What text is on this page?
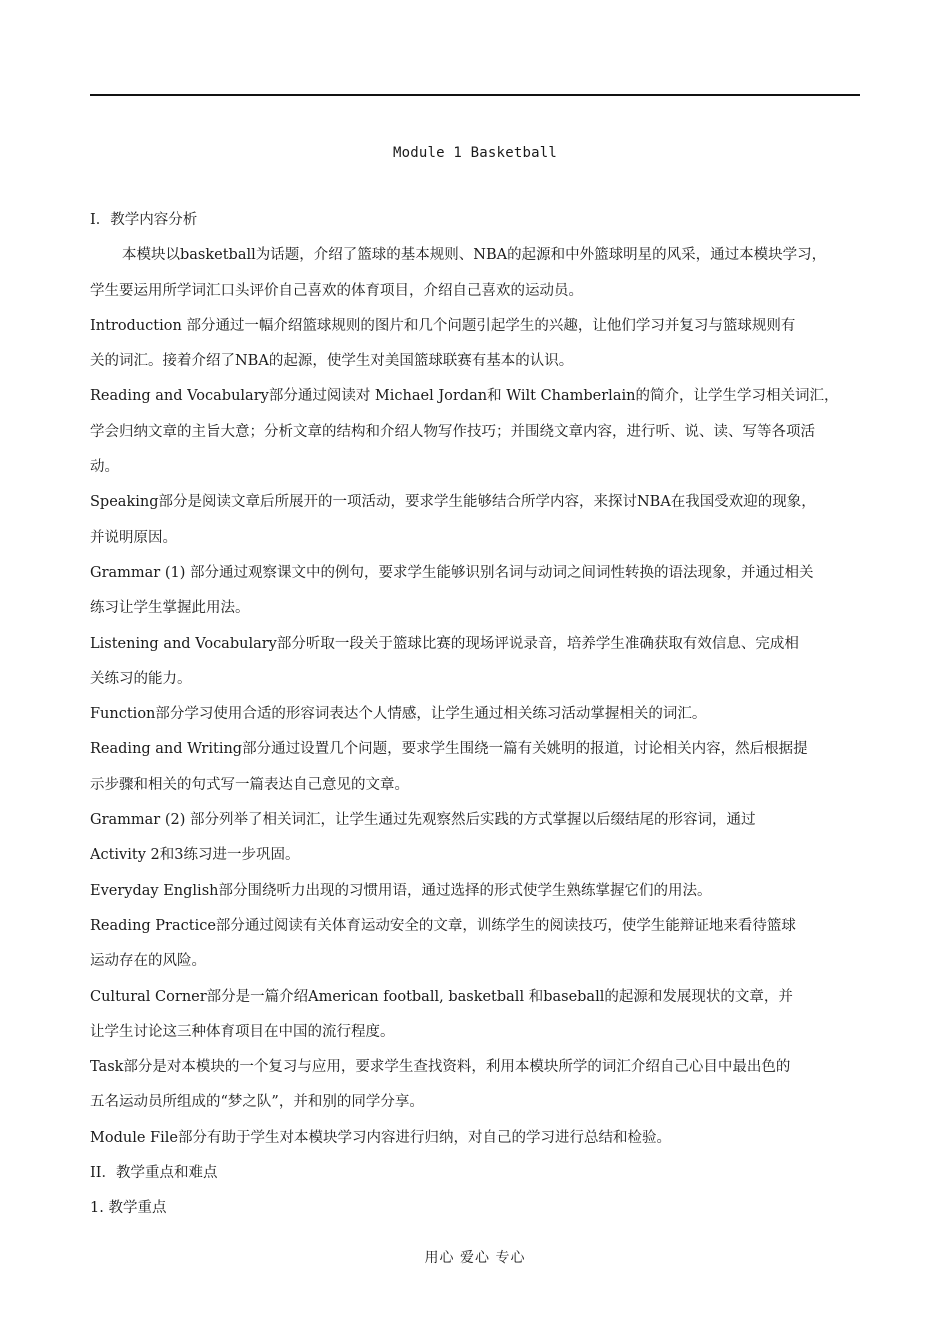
Module 1 Basketball
I．教学内容分析
本模块以basketball为话题，介绍了篮球的基本规则、NBA的起源和中外篮球明星的风采，通过本模块学习，
学生要运用所学词汇口头评价自己喜欢的体育项目，介绍自己喜欢的运动员。
Introduction 部分通过一幅介绍篮球规则的图片和几个问题引起学生的兴趣，让他们学习并复习与篮球规则有
关的词汇。接着介绍了NBA的起源，使学生对美国篮球联赛有基本的认识。
Reading and Vocabulary部分通过阅读对 Michael Jordan和 Wilt Chamberlain的简介，让学生学习相关词汇，
学会归纳文章的主旨大意；分析文章的结构和介绍人物写作技巧；并围绕文章内容，进行听、说、读、写等各项活
动。
Speaking部分是阅读文章后所展开的一项活动，要求学生能够结合所学内容，来探讨NBA在我国受欢迎的现象，
并说明原因。
Grammar (1) 部分通过观察课文中的例句，要求学生能够识别名词与动词之间词性转换的语法现象，并通过相关
练习让学生掌握此用法。
Listening and Vocabulary部分听取一段关于篮球比赛的现场评说录音，培养学生准确获取有效信息、完成相
关练习的能力。
Function部分学习使用合适的形容词表达个人情感，让学生通过相关练习活动掌握相关的词汇。
Reading and Writing部分通过设置几个问题，要求学生围绕一篇有关姚明的报道，讨论相关内容，然后根据提
示步骤和相关的句式写一篇表达自己意见的文章。
Grammar (2) 部分列举了相关词汇，让学生通过先观察然后实践的方式掌握以后缀结尾的形容词，通过
Activity 2和3练习进一步巩固。
Everyday English部分围绕听力出现的习惯用语，通过选择的形式使学生熟练掌握它们的用法。
Reading Practice部分通过阅读有关体育运动安全的文章，训练学生的阅读技巧，使学生能辩证地来看待篮球
运动存在的风险。
Cultural Corner部分是一篇介绍American football, basketball 和baseball的起源和发展现状的文章，并
让学生讨论这三种体育项目在中国的流行程度。
Task部分是对本模块的一个复习与应用，要求学生查找资料，利用本模块所学的词汇介绍自己心目中最出色的
五名运动员所组成的“梦之队”，并和别的同学分享。
Module File部分有助于学生对本模块学习内容进行归纳，对自己的学习进行总结和检验。
II．教学重点和难点
1. 教学重点
用心 爱心 专心
